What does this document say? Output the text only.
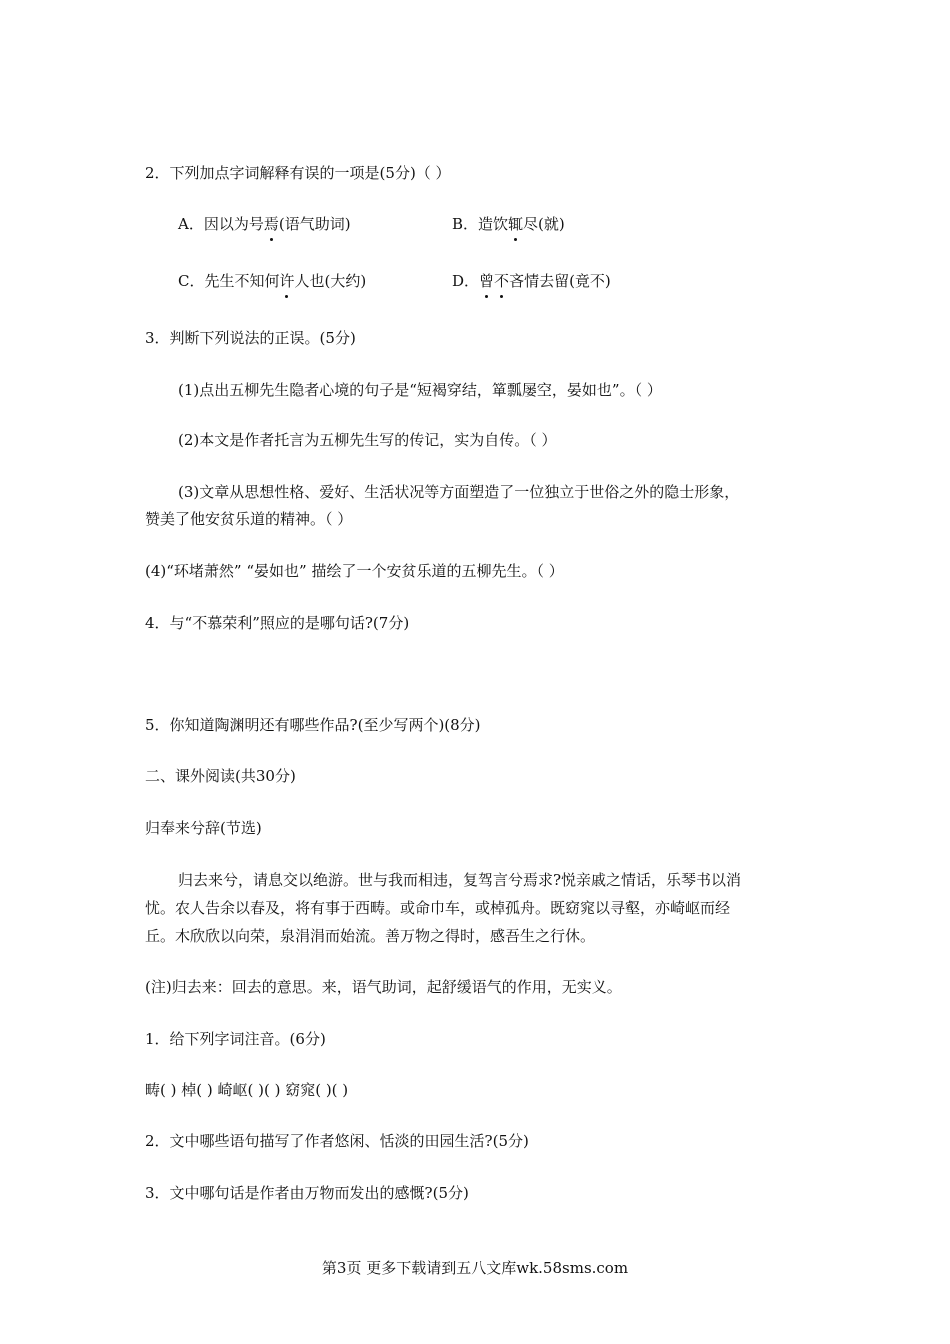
2．下列加点字词解释有误的一项是(5分)（ ）
A．因以为号焉(语气助词)	B．造饮辄尽(就)
C．先生不知何许人也(大约)	D．曾不吝情去留(竟不)
3．判断下列说法的正误。(5分)
(1)点出五柳先生隐者心境的句子是“短褐穿结，箪瓢屡空，晏如也”。（ ）
(2)本文是作者托言为五柳先生写的传记，实为自传。（ ）
(3)文章从思想性格、爱好、生活状况等方面塑造了一位独立于世俗之外的隐士形象，
赞美了他安贫乐道的精神。（ ）
(4)“环堵萧然” “晏如也” 描绘了一个安贫乐道的五柳先生。（ ）
4．与“不慕荣利”照应的是哪句话?(7分)
5．你知道陶渊明还有哪些作品?(至少写两个)(8分)
二、课外阅读(共30分)
归奉来兮辞(节选)
归去来兮，请息交以绝游。世与我而相违，复驾言兮焉求?悦亲戚之情话，乐琴书以消
忧。农人告余以春及，将有事于西畴。或命巾车，或棹孤舟。既窈窕以寻壑，亦崎岖而经
丘。木欣欣以向荣，泉涓涓而始流。善万物之得时，感吾生之行休。
(注)归去来：回去的意思。来，语气助词，起舒缓语气的作用，无实义。
1．给下列字词注音。(6分)
畴( ) 棹( ) 崎岖( )( ) 窈窕( )( )
2．文中哪些语句描写了作者悠闲、恬淡的田园生活?(5分)
3．文中哪句话是作者由万物而发出的感慨?(5分)
第3页 更多下载请到五八文库wk.58sms.com
